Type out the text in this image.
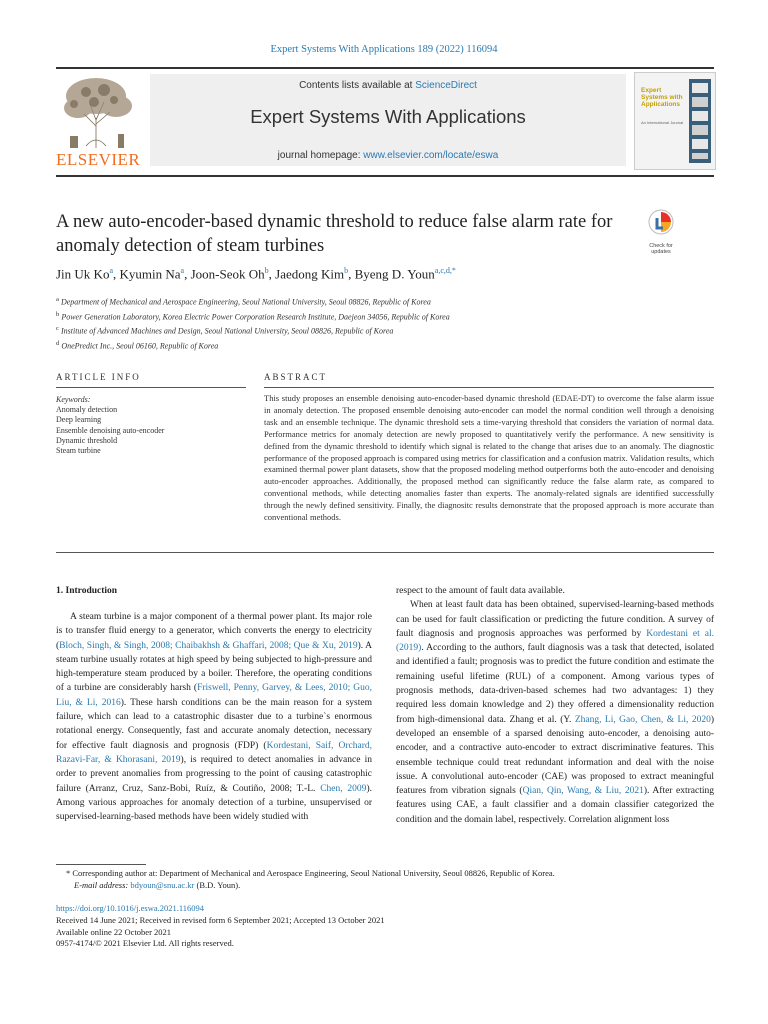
Expert Systems With Applications 189 (2022) 116094
ELSEVIER
Contents lists available at ScienceDirect
Expert Systems With Applications
journal homepage: www.elsevier.com/locate/eswa
Expert Systems with Applications
An International Journal
A new auto-encoder-based dynamic threshold to reduce false alarm rate for anomaly detection of steam turbines	Check for updates
Jin Uk Ko$^a$, Kyumin Na$^a$, Joon-Seok Oh$^b$, Jaedong Kim$^b$, Byeng D. Youn$^{a,c,d,*}$
$^a$ Department of Mechanical and Aerospace Engineering, Seoul National University, Seoul 08826, Republic of Korea
$^b$ Power Generation Laboratory, Korea Electric Power Corporation Research Institute, Daejeon 34056, Republic of Korea
$^c$ Institute of Advanced Machines and Design, Seoul National University, Seoul 08826, Republic of Korea
$^d$ OnePredict Inc., Seoul 06160, Republic of Korea
ARTICLE INFO	ABSTRACT
Keywords:
Anomaly detection
Deep learning
Ensemble denoising auto-encoder
Dynamic threshold
Steam turbine
This study proposes an ensemble denoising auto-encoder-based dynamic threshold (EDAE-DT) to overcome the false alarm issue in anomaly detection. The proposed ensemble denoising auto-encoder can model the normal condition well through a denoising task and an ensemble technique. The dynamic threshold sets a time-varying threshold that considers the variation of normal data. Performance metrics for anomaly detection are newly proposed to quantitatively verify the performance. A new sensitivity is defined from the dynamic threshold to identify which signal is related to the change that arises due to an anomaly. The diagnostic performance of the proposed approach is compared using metrics for classification and a confusion matrix. Validation results, which examined thermal power plant datasets, show that the proposed modeling method outperforms both the auto-encoder and denoising auto-encoder approaches. Additionally, the proposed method can significantly reduce the false alarm rate, as compared to conventional methods, while detecting anomalies faster than experts. The anomaly-related signals are identified successfully through the newly defined sensitivity. Finally, the diagnositc results demonstrate that the proposed approach is more accurate than conventional methods.
1. Introduction

A steam turbine is a major component of a thermal power plant. Its major role is to transfer fluid energy to a generator, which converts the energy to electricity (Bloch, Singh, & Singh, 2008; Chaibakhsh & Ghaffari, 2008; Que & Xu, 2019). A steam turbine usually rotates at high speed by being subjected to high-pressure and high-temperature steam produced by a boiler. Therefore, the operating conditions of a turbine are considerably harsh (Friswell, Penny, Garvey, & Lees, 2010; Guo, Liu, & Li, 2016). These harsh conditions can be the main reason for a system failure, which can lead to a catastrophic disaster due to a turbine`s enormous rotational energy. Consequently, fast and accurate anomaly detection, necessary for effective fault diagnosis and prognosis (FDP) (Kordestani, Saif, Orchard, Razavi-Far, & Khorasani, 2019), is required to detect anomalies in advance in order to prevent anomalies from progressing to the point of causing catastrophic failure (Arranz, Cruz, Sanz-Bobi, Ruíz, & Coutiño, 2008; T.-L. Chen, 2009). Among various approaches for anomaly detection of a turbine, unsupervised or supervised-learning-based methods have been widely studied with

respect to the amount of fault data available.

When at least fault data has been obtained, supervised-learning-based methods can be used for fault classification or predicting the future condition. A survey of fault diagnosis and prognosis approaches was performed by Kordestani et al. (2019). According to the authors, fault diagnosis was a task that detected, isolated and identified a fault; prognosis was to predict the future condition and estimate the remaining useful lifetime (RUL) of a component. Among various types of prognosis methods, data-driven-based schemes had two advantages: 1) they required less domain knowledge and 2) they offered a dimensionality reduction from high-dimensional data. Zhang et al. (Y. Zhang, Li, Gao, Chen, & Li, 2020) developed an ensemble of a sparsed denoising auto-encoder, a denoising auto-encoder, and a contractive auto-encoder to extract discriminative features. This ensemble technique could treat redundant information and deal with the noise issue. A convolutional auto-encoder (CAE) was proposed to extract meaningful features from vibration signals (Qian, Qin, Wang, & Liu, 2021). After extracting features using CAE, a fault classifier and a domain classifier categorized the condition and the domain label, respectively. Correlation alignment loss

* Corresponding author at: Department of Mechanical and Aerospace Engineering, Seoul National University, Seoul 08826, Republic of Korea.
E-mail address: bdyoun@snu.ac.kr (B.D. Youn).
https://doi.org/10.1016/j.eswa.2021.116094
Received 14 June 2021; Received in revised form 6 September 2021; Accepted 13 October 2021
Available online 22 October 2021
0957-4174/© 2021 Elsevier Ltd. All rights reserved.
